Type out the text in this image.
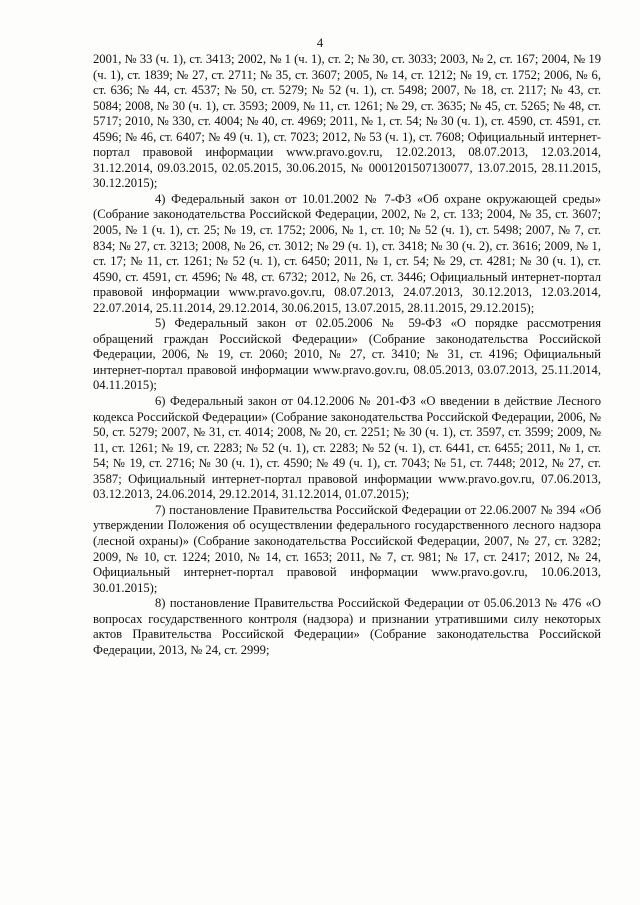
4

2001, № 33 (ч. 1), ст. 3413; 2002, № 1 (ч. 1), ст. 2; № 30, ст. 3033; 2003, № 2, ст. 167; 2004, № 19 (ч. 1), ст. 1839; № 27, ст. 2711; № 35, ст. 3607; 2005, № 14, ст. 1212; № 19, ст. 1752; 2006, № 6, ст. 636; № 44, ст. 4537; № 50, ст. 5279; № 52 (ч. 1), ст. 5498; 2007, № 18, ст. 2117; № 43, ст. 5084; 2008, № 30 (ч. 1), ст. 3593; 2009, № 11, ст. 1261; № 29, ст. 3635; № 45, ст. 5265; № 48, ст. 5717; 2010, № 330, ст. 4004; № 40, ст. 4969; 2011, № 1, ст. 54; № 30 (ч. 1), ст. 4590, ст. 4591, ст. 4596; № 46, ст. 6407; № 49 (ч. 1), ст. 7023; 2012, № 53 (ч. 1), ст. 7608; Официальный интернет-портал правовой информации www.pravo.gov.ru, 12.02.2013, 08.07.2013, 12.03.2014, 31.12.2014, 09.03.2015, 02.05.2015, 30.06.2015, № 0001201507130077, 13.07.2015, 28.11.2015, 30.12.2015);

4) Федеральный закон от 10.01.2002 № 7-ФЗ «Об охране окружающей среды» (Собрание законодательства Российской Федерации, 2002, № 2, ст. 133; 2004, № 35, ст. 3607; 2005, № 1 (ч. 1), ст. 25; № 19, ст. 1752; 2006, № 1, ст. 10; № 52 (ч. 1), ст. 5498; 2007, № 7, ст. 834; № 27, ст. 3213; 2008, № 26, ст. 3012; № 29 (ч. 1), ст. 3418; № 30 (ч. 2), ст. 3616; 2009, № 1, ст. 17; № 11, ст. 1261; № 52 (ч. 1), ст. 6450; 2011, № 1, ст. 54; № 29, ст. 4281; № 30 (ч. 1), ст. 4590, ст. 4591, ст. 4596; № 48, ст. 6732; 2012, № 26, ст. 3446; Официальный интернет-портал правовой информации www.pravo.gov.ru, 08.07.2013, 24.07.2013, 30.12.2013, 12.03.2014, 22.07.2014, 25.11.2014, 29.12.2014, 30.06.2015, 13.07.2015, 28.11.2015, 29.12.2015);

5) Федеральный закон от 02.05.2006 № 59-ФЗ «О порядке рассмотрения обращений граждан Российской Федерации» (Собрание законодательства Российской Федерации, 2006, № 19, ст. 2060; 2010, № 27, ст. 3410; № 31, ст. 4196; Официальный интернет-портал правовой информации www.pravo.gov.ru, 08.05.2013, 03.07.2013, 25.11.2014, 04.11.2015);

6) Федеральный закон от 04.12.2006 № 201-ФЗ «О введении в действие Лесного кодекса Российской Федерации» (Собрание законодательства Российской Федерации, 2006, № 50, ст. 5279; 2007, № 31, ст. 4014; 2008, № 20, ст. 2251; № 30 (ч. 1), ст. 3597, ст. 3599; 2009, № 11, ст. 1261; № 19, ст. 2283; № 52 (ч. 1), ст. 2283; № 52 (ч. 1), ст. 6441, ст. 6455; 2011, № 1, ст. 54; № 19, ст. 2716; № 30 (ч. 1), ст. 4590; № 49 (ч. 1), ст. 7043; № 51, ст. 7448; 2012, № 27, ст. 3587; Официальный интернет-портал правовой информации www.pravo.gov.ru, 07.06.2013, 03.12.2013, 24.06.2014, 29.12.2014, 31.12.2014, 01.07.2015);

7) постановление Правительства Российской Федерации от 22.06.2007 № 394 «Об утверждении Положения об осуществлении федерального государственного лесного надзора (лесной охраны)» (Собрание законодательства Российской Федерации, 2007, № 27, ст. 3282; 2009, № 10, ст. 1224; 2010, № 14, ст. 1653; 2011, № 7, ст. 981; № 17, ст. 2417; 2012, № 24, Официальный интернет-портал правовой информации www.pravo.gov.ru, 10.06.2013, 30.01.2015);

8) постановление Правительства Российской Федерации от 05.06.2013 № 476 «О вопросах государственного контроля (надзора) и признании утратившими силу некоторых актов Правительства Российской Федерации» (Собрание законодательства Российской Федерации, 2013, № 24, ст. 2999;
